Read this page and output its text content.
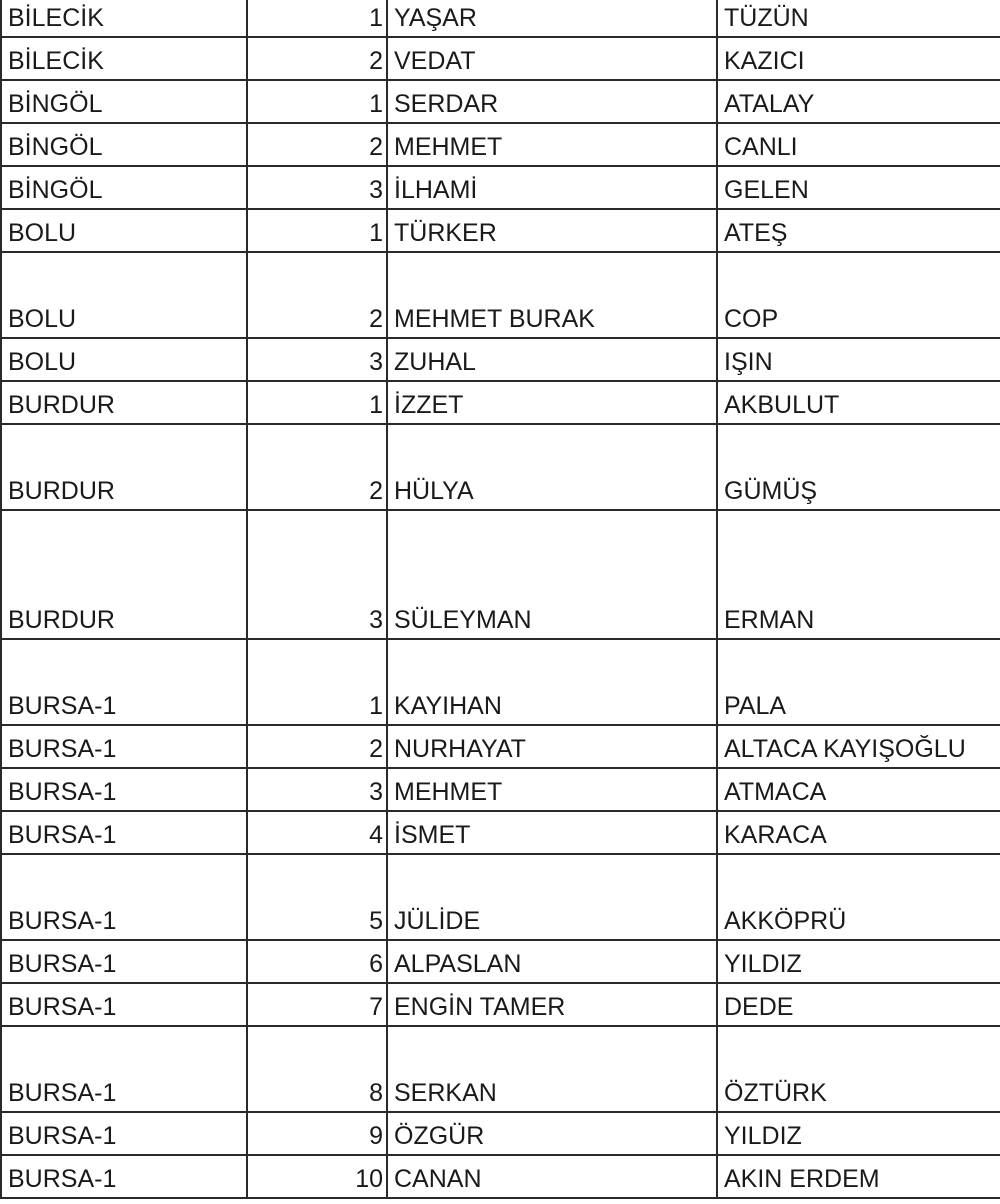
BİLECİK	1	YAŞAR	TÜZÜN
BİLECİK	2	VEDAT	KAZICI
BİNGÖL	1	SERDAR	ATALAY
BİNGÖL	2	MEHMET	CANLI
BİNGÖL	3	İLHAMİ	GELEN
BOLU	1	TÜRKER	ATEŞ
BOLU	2	MEHMET BURAK	COP
BOLU	3	ZUHAL	IŞIN
BURDUR	1	İZZET	AKBULUT
BURDUR	2	HÜLYA	GÜMÜŞ
BURDUR	3	SÜLEYMAN	ERMAN
BURSA-1	1	KAYIHAN	PALA
BURSA-1	2	NURHAYAT	ALTACA KAYIŞOĞLU
BURSA-1	3	MEHMET	ATMACA
BURSA-1	4	İSMET	KARACA
BURSA-1	5	JÜLİDE	AKKÖPRÜ
BURSA-1	6	ALPASLAN	YILDIZ
BURSA-1	7	ENGİN TAMER	DEDE
BURSA-1	8	SERKAN	ÖZTÜRK
BURSA-1	9	ÖZGÜR	YILDIZ
BURSA-1	10	CANAN	AKIN ERDEM
